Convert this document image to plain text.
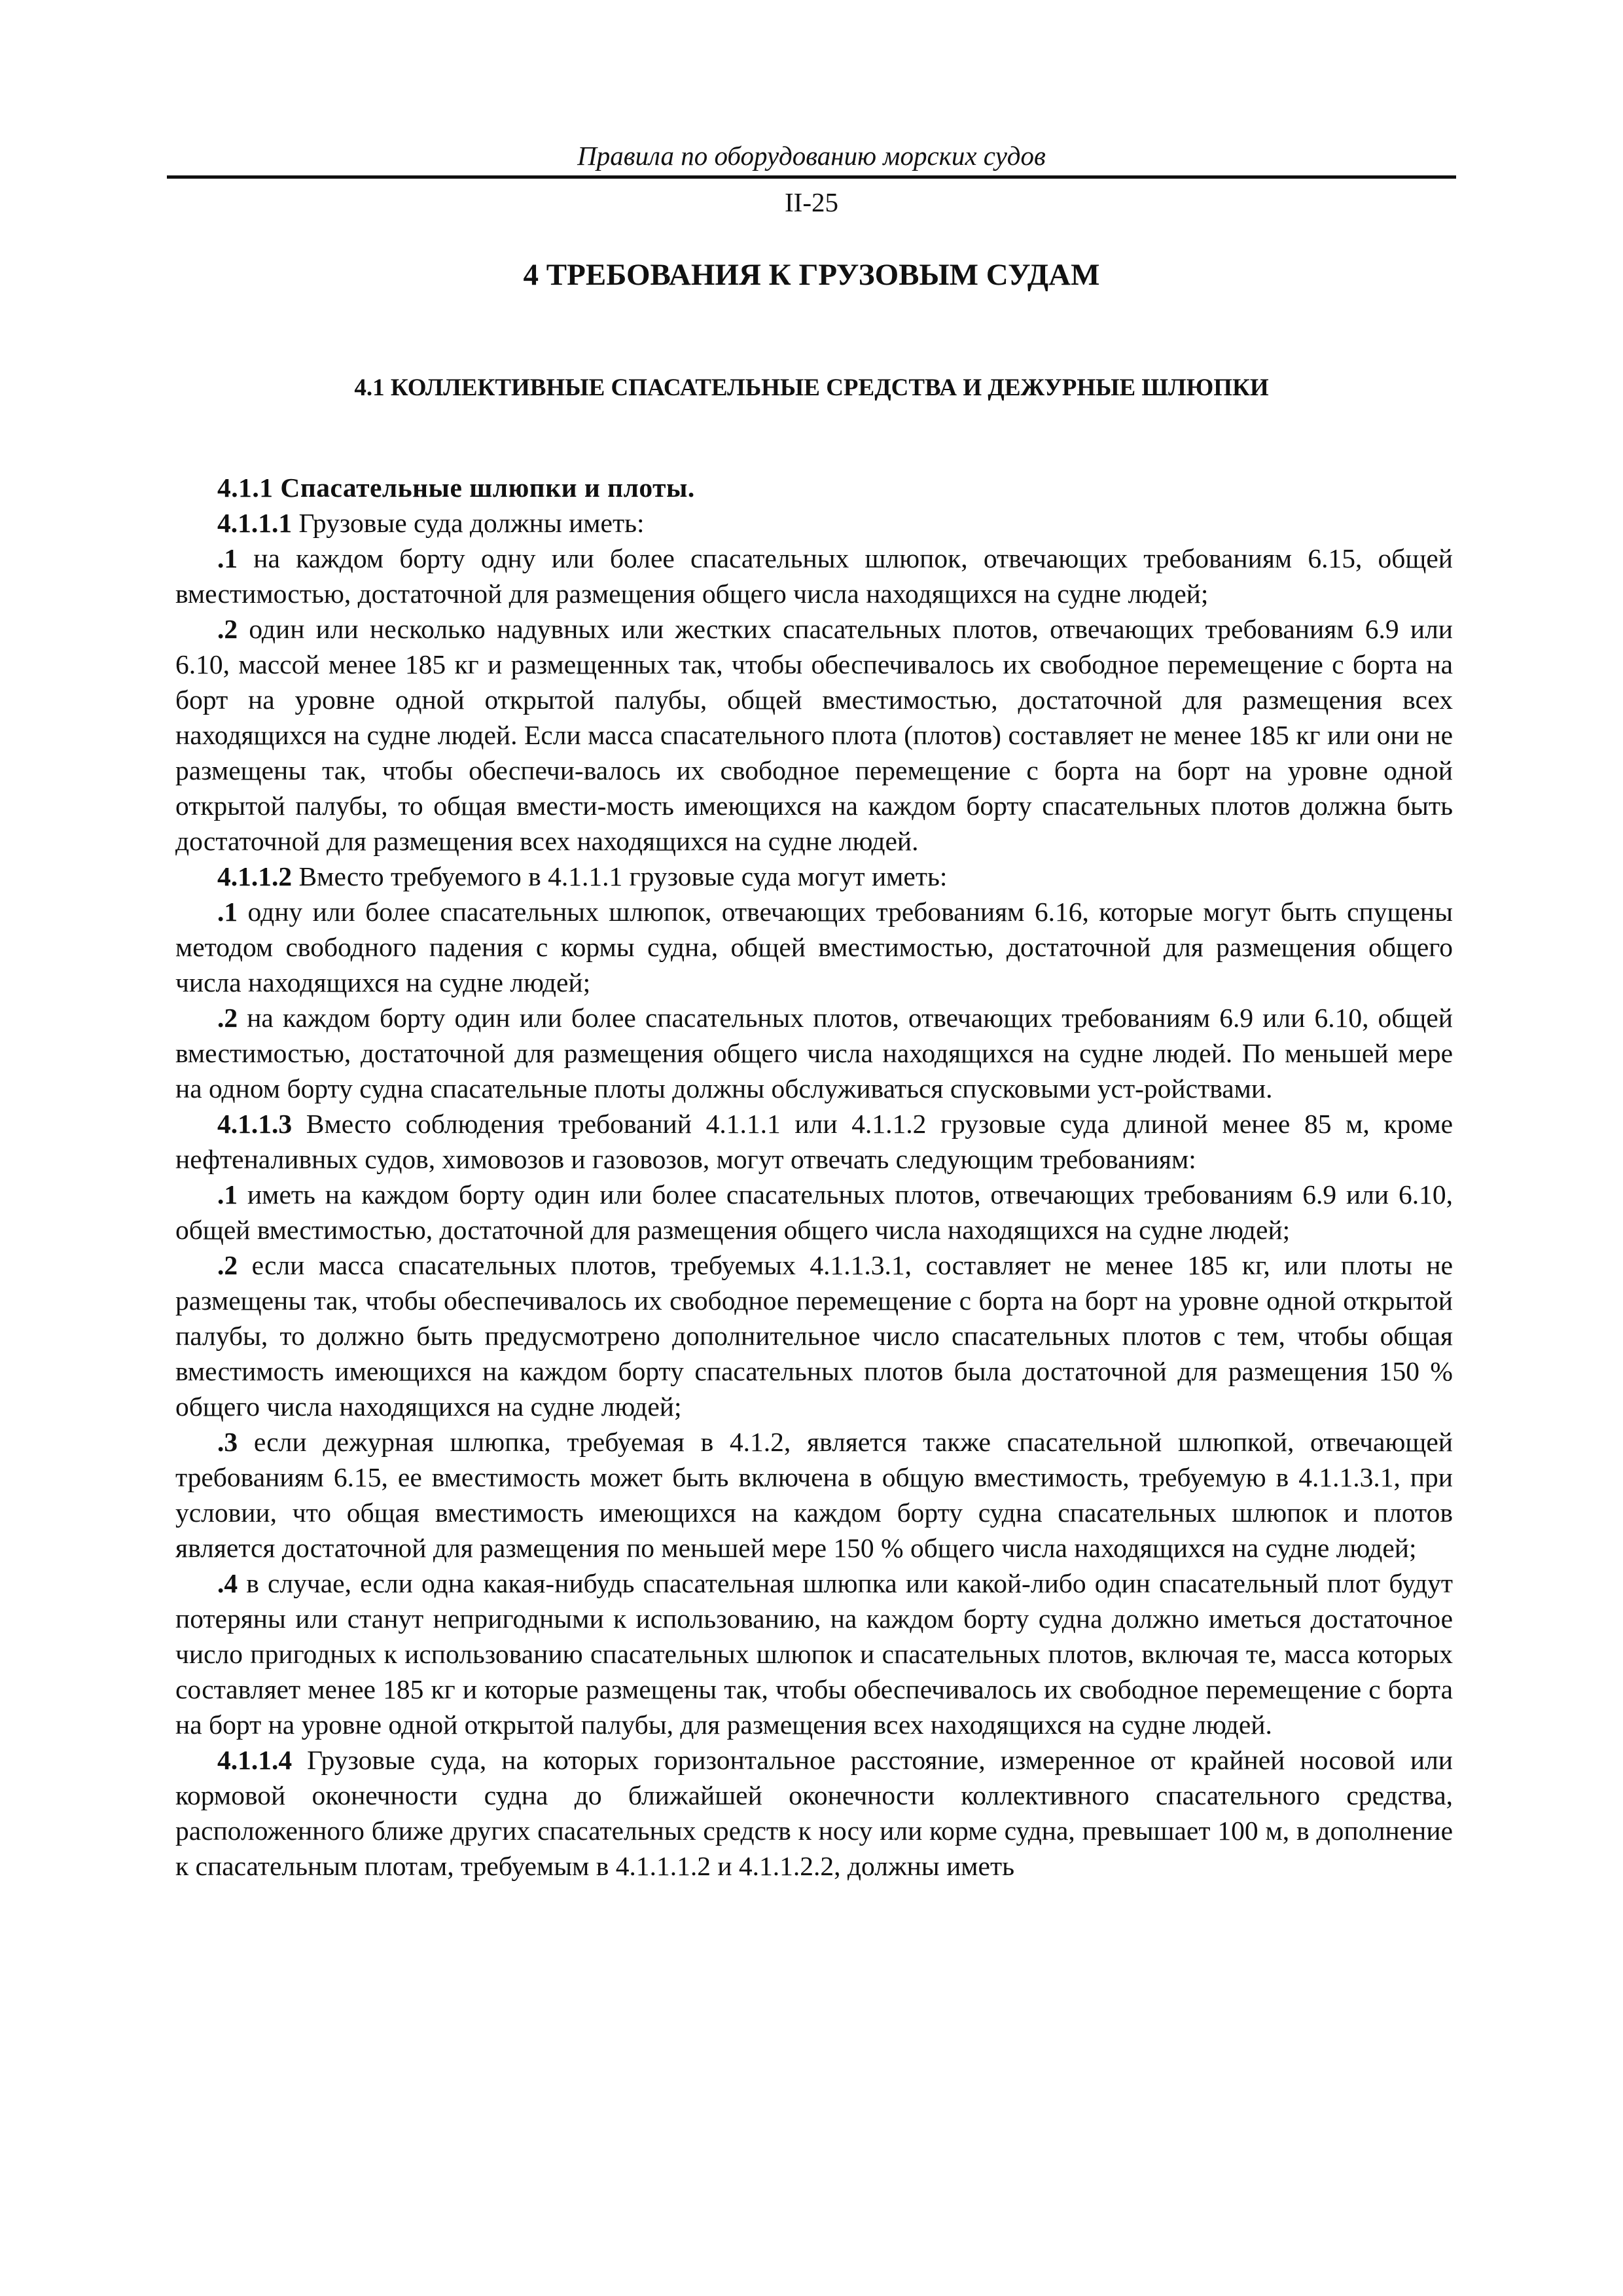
Правила по оборудованию морских судов
II-25
4 ТРЕБОВАНИЯ К ГРУЗОВЫМ СУДАМ
4.1 КОЛЛЕКТИВНЫЕ СПАСАТЕЛЬНЫЕ СРЕДСТВА И ДЕЖУРНЫЕ ШЛЮПКИ

4.1.1 Спасательные шлюпки и плоты.

4.1.1.1 Грузовые суда должны иметь:

.1 на каждом борту одну или более спасательных шлюпок, отвечающих требованиям 6.15, общей вместимостью, достаточной для размещения общего числа находящихся на судне людей;

.2 один или несколько надувных или жестких спасательных плотов, отвечающих требованиям 6.9 или 6.10, массой менее 185 кг и размещенных так, чтобы обеспечивалось их свободное перемещение с борта на борт на уровне одной открытой палубы, общей вместимостью, достаточной для размещения всех находящихся на судне людей. Если масса спасательного плота (плотов) составляет не менее 185 кг или они не размещены так, чтобы обеспечи-валось их свободное перемещение с борта на борт на уровне одной открытой палубы, то общая вмести-мость имеющихся на каждом борту спасательных плотов должна быть достаточной для размещения всех находящихся на судне людей.

4.1.1.2 Вместо требуемого в 4.1.1.1 грузовые суда могут иметь:

.1 одну или более спасательных шлюпок, отвечающих требованиям 6.16, которые могут быть спущены методом свободного падения с кормы судна, общей вместимостью, достаточной для размещения общего числа находящихся на судне людей;

.2 на каждом борту один или более спасательных плотов, отвечающих требованиям 6.9 или 6.10, общей вместимостью, достаточной для размещения общего числа находящихся на судне людей. По меньшей мере на одном борту судна спасательные плоты должны обслуживаться спусковыми уст-ройствами.

4.1.1.3 Вместо соблюдения требований 4.1.1.1 или 4.1.1.2 грузовые суда длиной менее 85 м, кроме нефтеналивных судов, химовозов и газовозов, могут отвечать следующим требованиям:

.1 иметь на каждом борту один или более спасательных плотов, отвечающих требованиям 6.9 или 6.10, общей вместимостью, достаточной для размещения общего числа находящихся на судне людей;

.2 если масса спасательных плотов, требуемых 4.1.1.3.1, составляет не менее 185 кг, или плоты не размещены так, чтобы обеспечивалось их свободное перемещение с борта на борт на уровне одной открытой палубы, то должно быть предусмотрено дополнительное число спасательных плотов с тем, чтобы общая вместимость имеющихся на каждом борту спасательных плотов была достаточной для размещения 150 % общего числа находящихся на судне людей;

.3 если дежурная шлюпка, требуемая в 4.1.2, является также спасательной шлюпкой, отвечающей требованиям 6.15, ее вместимость может быть включена в общую вместимость, требуемую в 4.1.1.3.1, при условии, что общая вместимость имеющихся на каждом борту судна спасательных шлюпок и плотов является достаточной для размещения по меньшей мере 150 % общего числа находящихся на судне людей;

.4 в случае, если одна какая-нибудь спасательная шлюпка или какой-либо один спасательный плот будут потеряны или станут непригодными к использованию, на каждом борту судна должно иметься достаточное число пригодных к использованию спасательных шлюпок и спасательных плотов, включая те, масса которых составляет менее 185 кг и которые размещены так, чтобы обеспечивалось их свободное перемещение с борта на борт на уровне одной открытой палубы, для размещения всех находящихся на судне людей.

4.1.1.4 Грузовые суда, на которых горизонтальное расстояние, измеренное от крайней носовой или кормовой оконечности судна до ближайшей оконечности коллективного спасательного средства, расположенного ближе других спасательных средств к носу или корме судна, превышает 100 м, в дополнение к спасательным плотам, требуемым в 4.1.1.1.2 и 4.1.1.2.2, должны иметь
